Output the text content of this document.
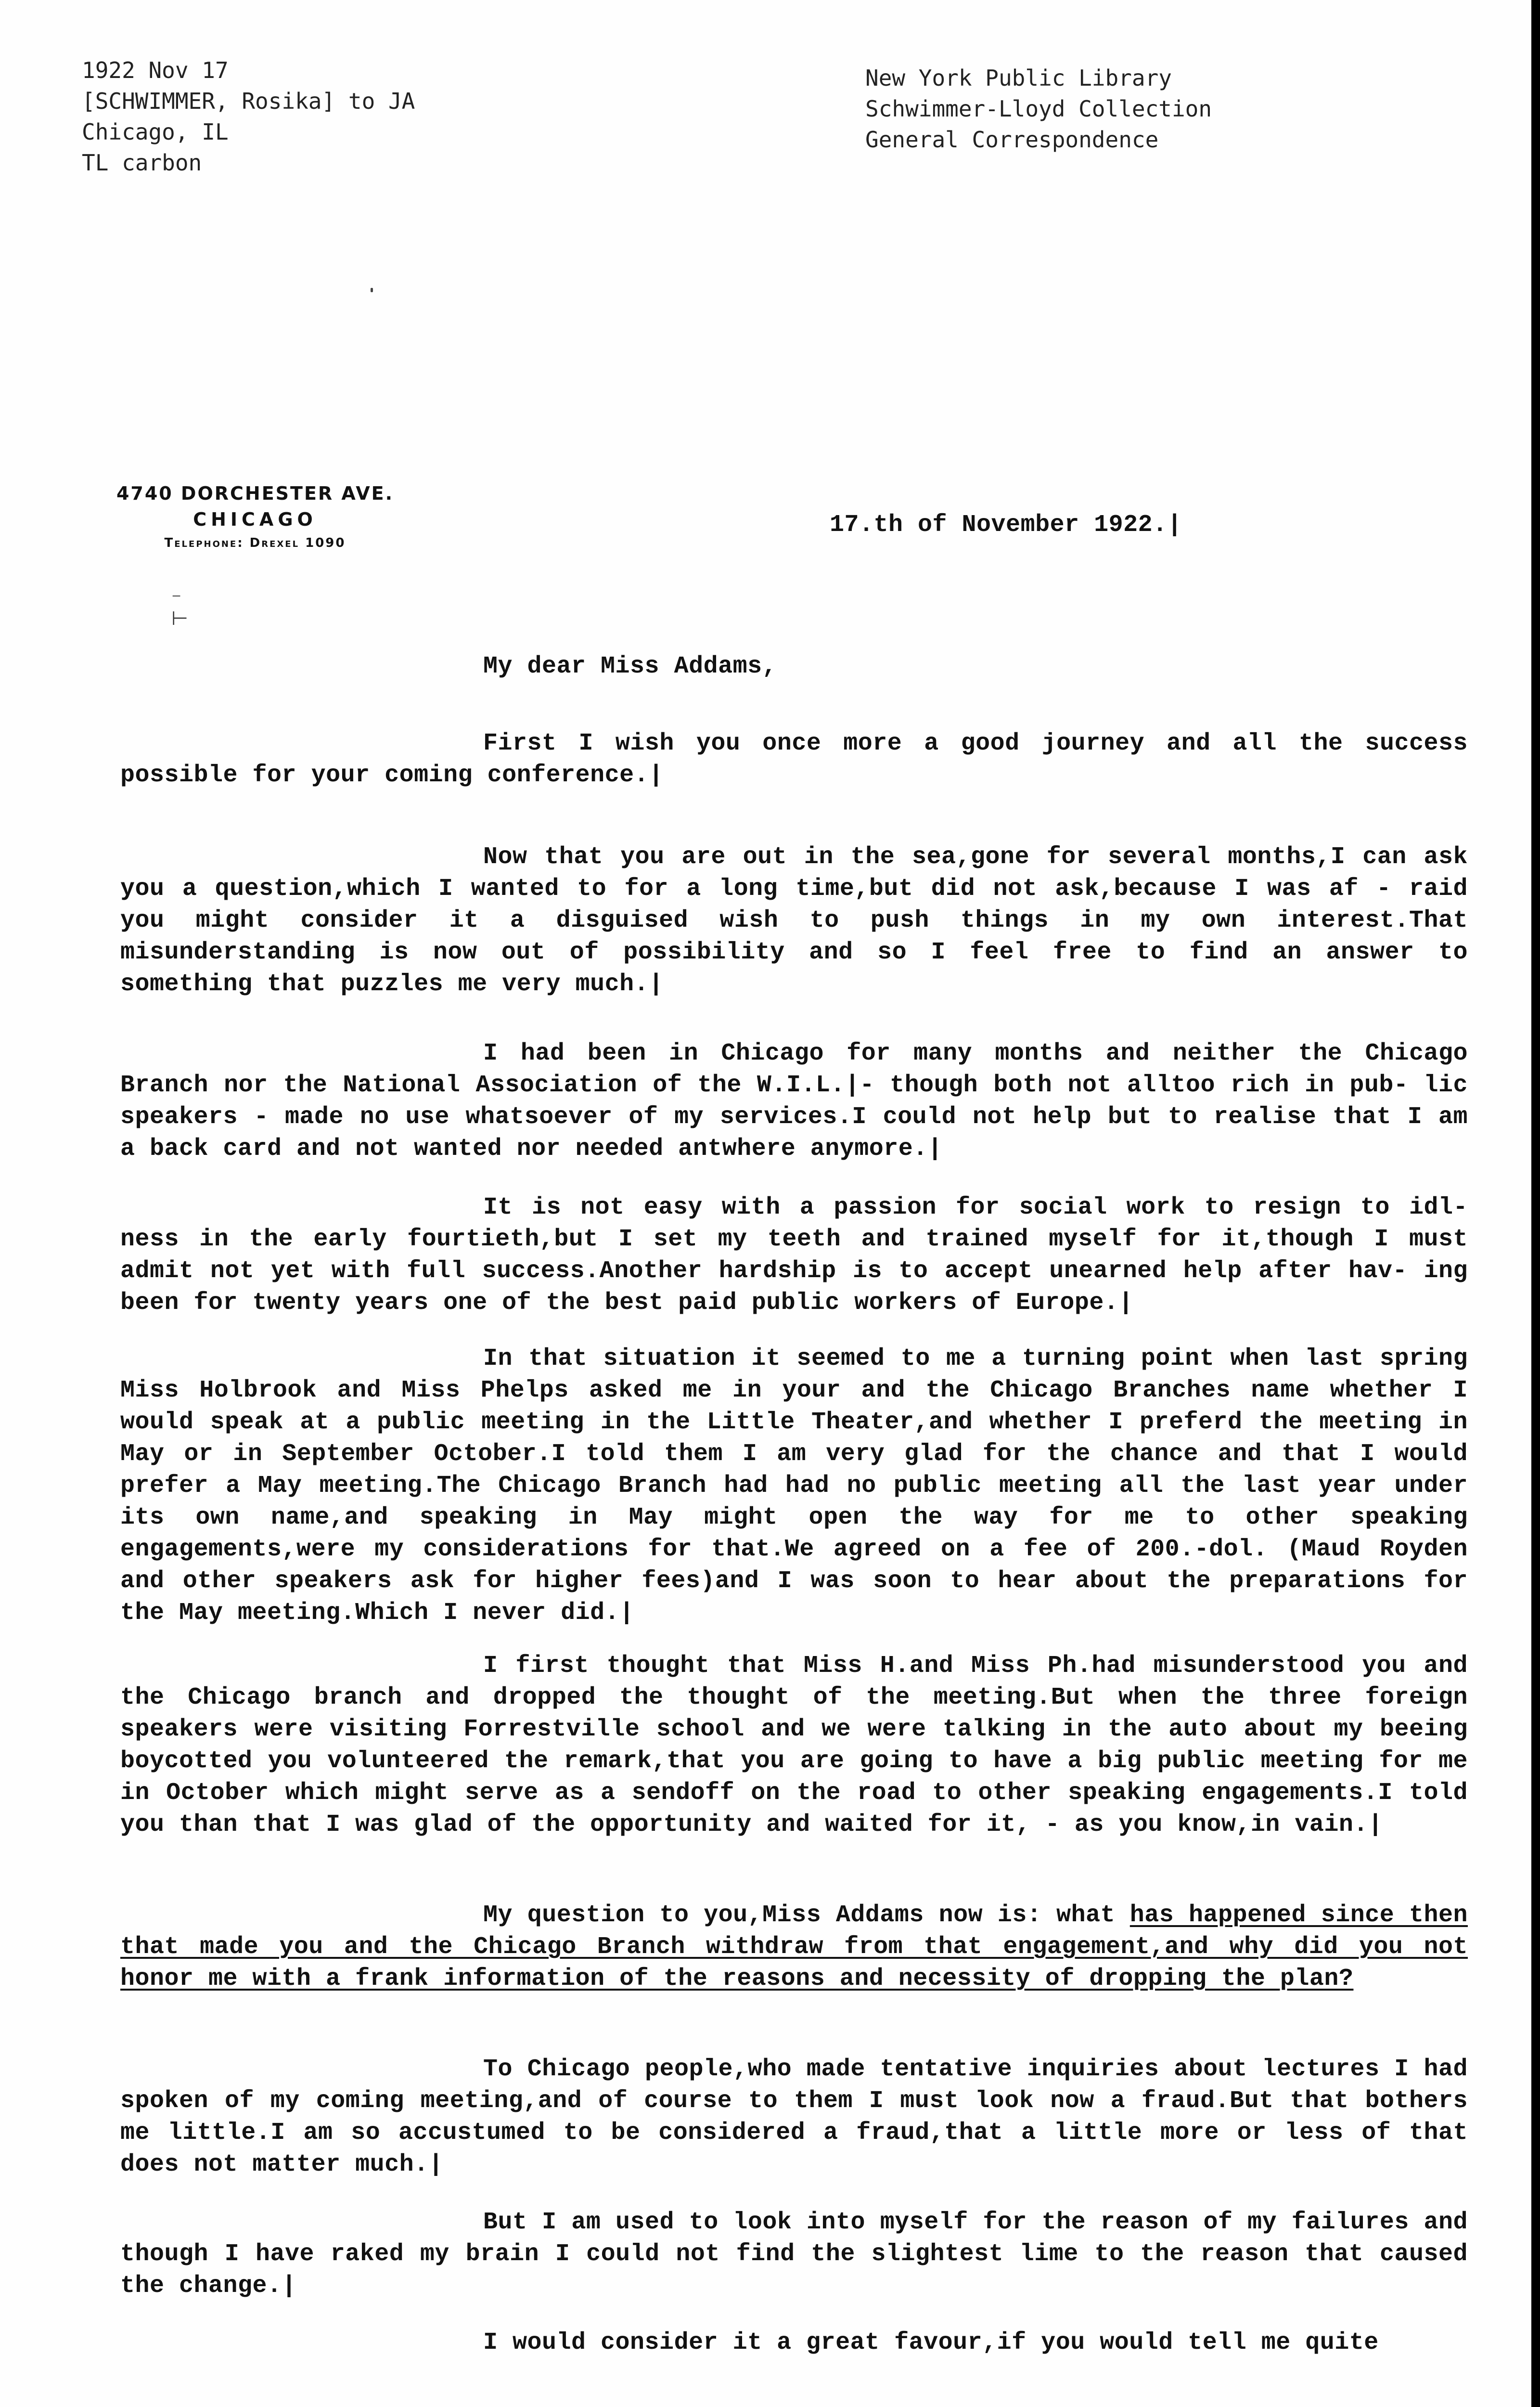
1922 Nov 17
[SCHWIMMER, Rosika] to JA
Chicago, IL
TL carbon
New York Public Library
Schwimmer-Lloyd Collection
General Correspondence
4740 DORCHESTER AVE.
CHICAGO
Telephone: Drexel 1090
⁻
⊢
17.th of November 1922.|
My dear Miss Addams,
First I wish you once more a good journey and all the success possible for your coming conference.|
Now that you are out in the sea,gone for several months,I can ask you a question,which I wanted to for a long time,but did not ask,because I was af - raid you might consider it a disguised wish to push things in my own interest.That misunderstanding is now out of possibility and so I feel free to find an answer to something that puzzles me very much.|
I had been in Chicago for many months and neither the Chicago Branch nor the National Association of the W.I.L.|- though both not alltoo rich in pub- lic speakers - made no use whatsoever of my services.I could not help but to realise that I am a back card and not wanted nor needed antwhere anymore.|
It is not easy with a passion for social work to resign to idl- ness in the early fourtieth,but I set my teeth and trained myself for it,though I must admit not yet with full success.Another hardship is to accept unearned help after hav- ing been for twenty years one of the best paid public workers of Europe.|
In that situation it seemed to me a turning point when last spring Miss Holbrook and Miss Phelps asked me in your and the Chicago Branches name whether I would speak at a public meeting in the Little Theater,and whether I preferd the meeting in May or in September October.I told them I am very glad for the chance and that I would prefer a May meeting.The Chicago Branch had had no public meeting all the last year under its own name,and speaking in May might open the way for me to other speaking engagements,were my considerations for that.We agreed on a fee of 200.-dol. (Maud Royden and other speakers ask for higher fees)and I was soon to hear about the preparations for the May meeting.Which I never did.|
I first thought that Miss H.and Miss Ph.had misunderstood you and the Chicago branch and dropped the thought of the meeting.But when the three foreign speakers were visiting Forrestville school and we were talking in the auto about my beeing boycotted you volunteered the remark,that you are going to have a big public meeting for me in October which might serve as a sendoff on the road to other speaking engagements.I told you than that I was glad of the opportunity and waited for it, - as you know,in vain.|
My question to you,Miss Addams now is: what has happened since then that made you and the Chicago Branch withdraw from that engagement,and why did you not honor me with a frank information of the reasons and necessity of dropping the plan?
To Chicago people,who made tentative inquiries about lectures I had spoken of my coming meeting,and of course to them I must look now a fraud.But that bothers me little.I am so accustumed to be considered a fraud,that a little more or less of that does not matter much.|
But I am used to look into myself for the reason of my failures and though I have raked my brain I could not find the slightest lime to the reason that caused the change.|
I would consider it a great favour,if you would tell me quite
